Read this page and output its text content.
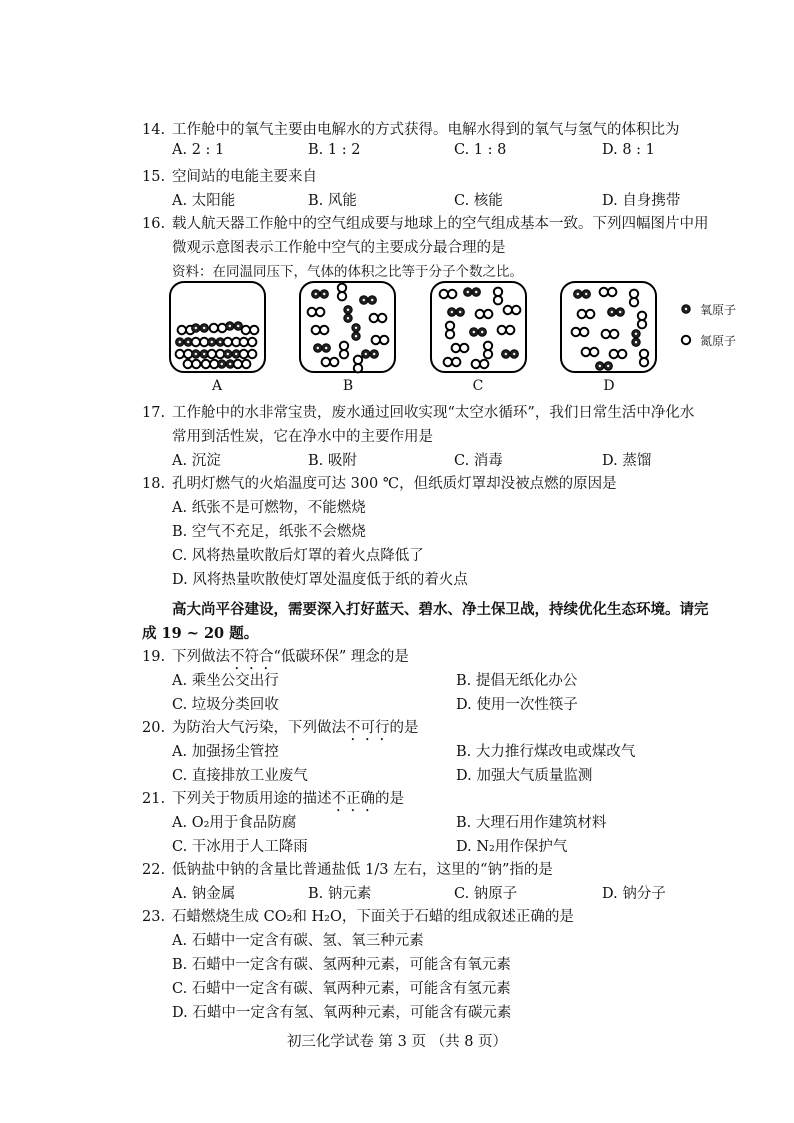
14. 工作舱中的氧气主要由电解水的方式获得。电解水得到的氧气与氢气的体积比为
A. 2 : 1	B. 1 : 2	C. 1 : 8	D. 8 : 1
15. 空间站的电能主要来自
A. 太阳能	B. 风能	C. 核能	D. 自身携带
16. 载人航天器工作舱中的空气组成要与地球上的空气组成基本一致。下列四幅图片中用
微观示意图表示工作舱中空气的主要成分最合理的是
资料：在同温同压下，气体的体积之比等于分子个数之比。
氧原子
氮原子
A	B	C	D
17. 工作舱中的水非常宝贵，废水通过回收实现“太空水循环”，我们日常生活中净化水
常用到活性炭，它在净水中的主要作用是
A. 沉淀	B. 吸附	C. 消毒	D. 蒸馏
18. 孔明灯燃气的火焰温度可达 300 ℃，但纸质灯罩却没被点燃的原因是
A. 纸张不是可燃物，不能燃烧
B. 空气不充足，纸张不会燃烧
C. 风将热量吹散后灯罩的着火点降低了
D. 风将热量吹散使灯罩处温度低于纸的着火点
高大尚平谷建设，需要深入打好蓝天、碧水、净土保卫战，持续优化生态环境。请完
成 19 ~ 20 题。
19. 下列做法不符合“低碳环保” 理念的是
A. 乘坐公交出行	B. 提倡无纸化办公
C. 垃圾分类回收	D. 使用一次性筷子
20. 为防治大气污染，下列做法不可行的是
A. 加强扬尘管控	B. 大力推行煤改电或煤改气
C. 直接排放工业废气	D. 加强大气质量监测
21. 下列关于物质用途的描述不正确的是
A. O₂用于食品防腐	B. 大理石用作建筑材料
C. 干冰用于人工降雨	D. N₂用作保护气
22. 低钠盐中钠的含量比普通盐低 1/3 左右，这里的“钠”指的是
A. 钠金属	B. 钠元素	C. 钠原子	D. 钠分子
23. 石蜡燃烧生成 CO₂和 H₂O，下面关于石蜡的组成叙述正确的是
A. 石蜡中一定含有碳、氢、氧三种元素
B. 石蜡中一定含有碳、氢两种元素，可能含有氧元素
C. 石蜡中一定含有碳、氧两种元素，可能含有氢元素
D. 石蜡中一定含有氢、氧两种元素，可能含有碳元素
初三化学试卷 第 3 页 （共 8 页）
